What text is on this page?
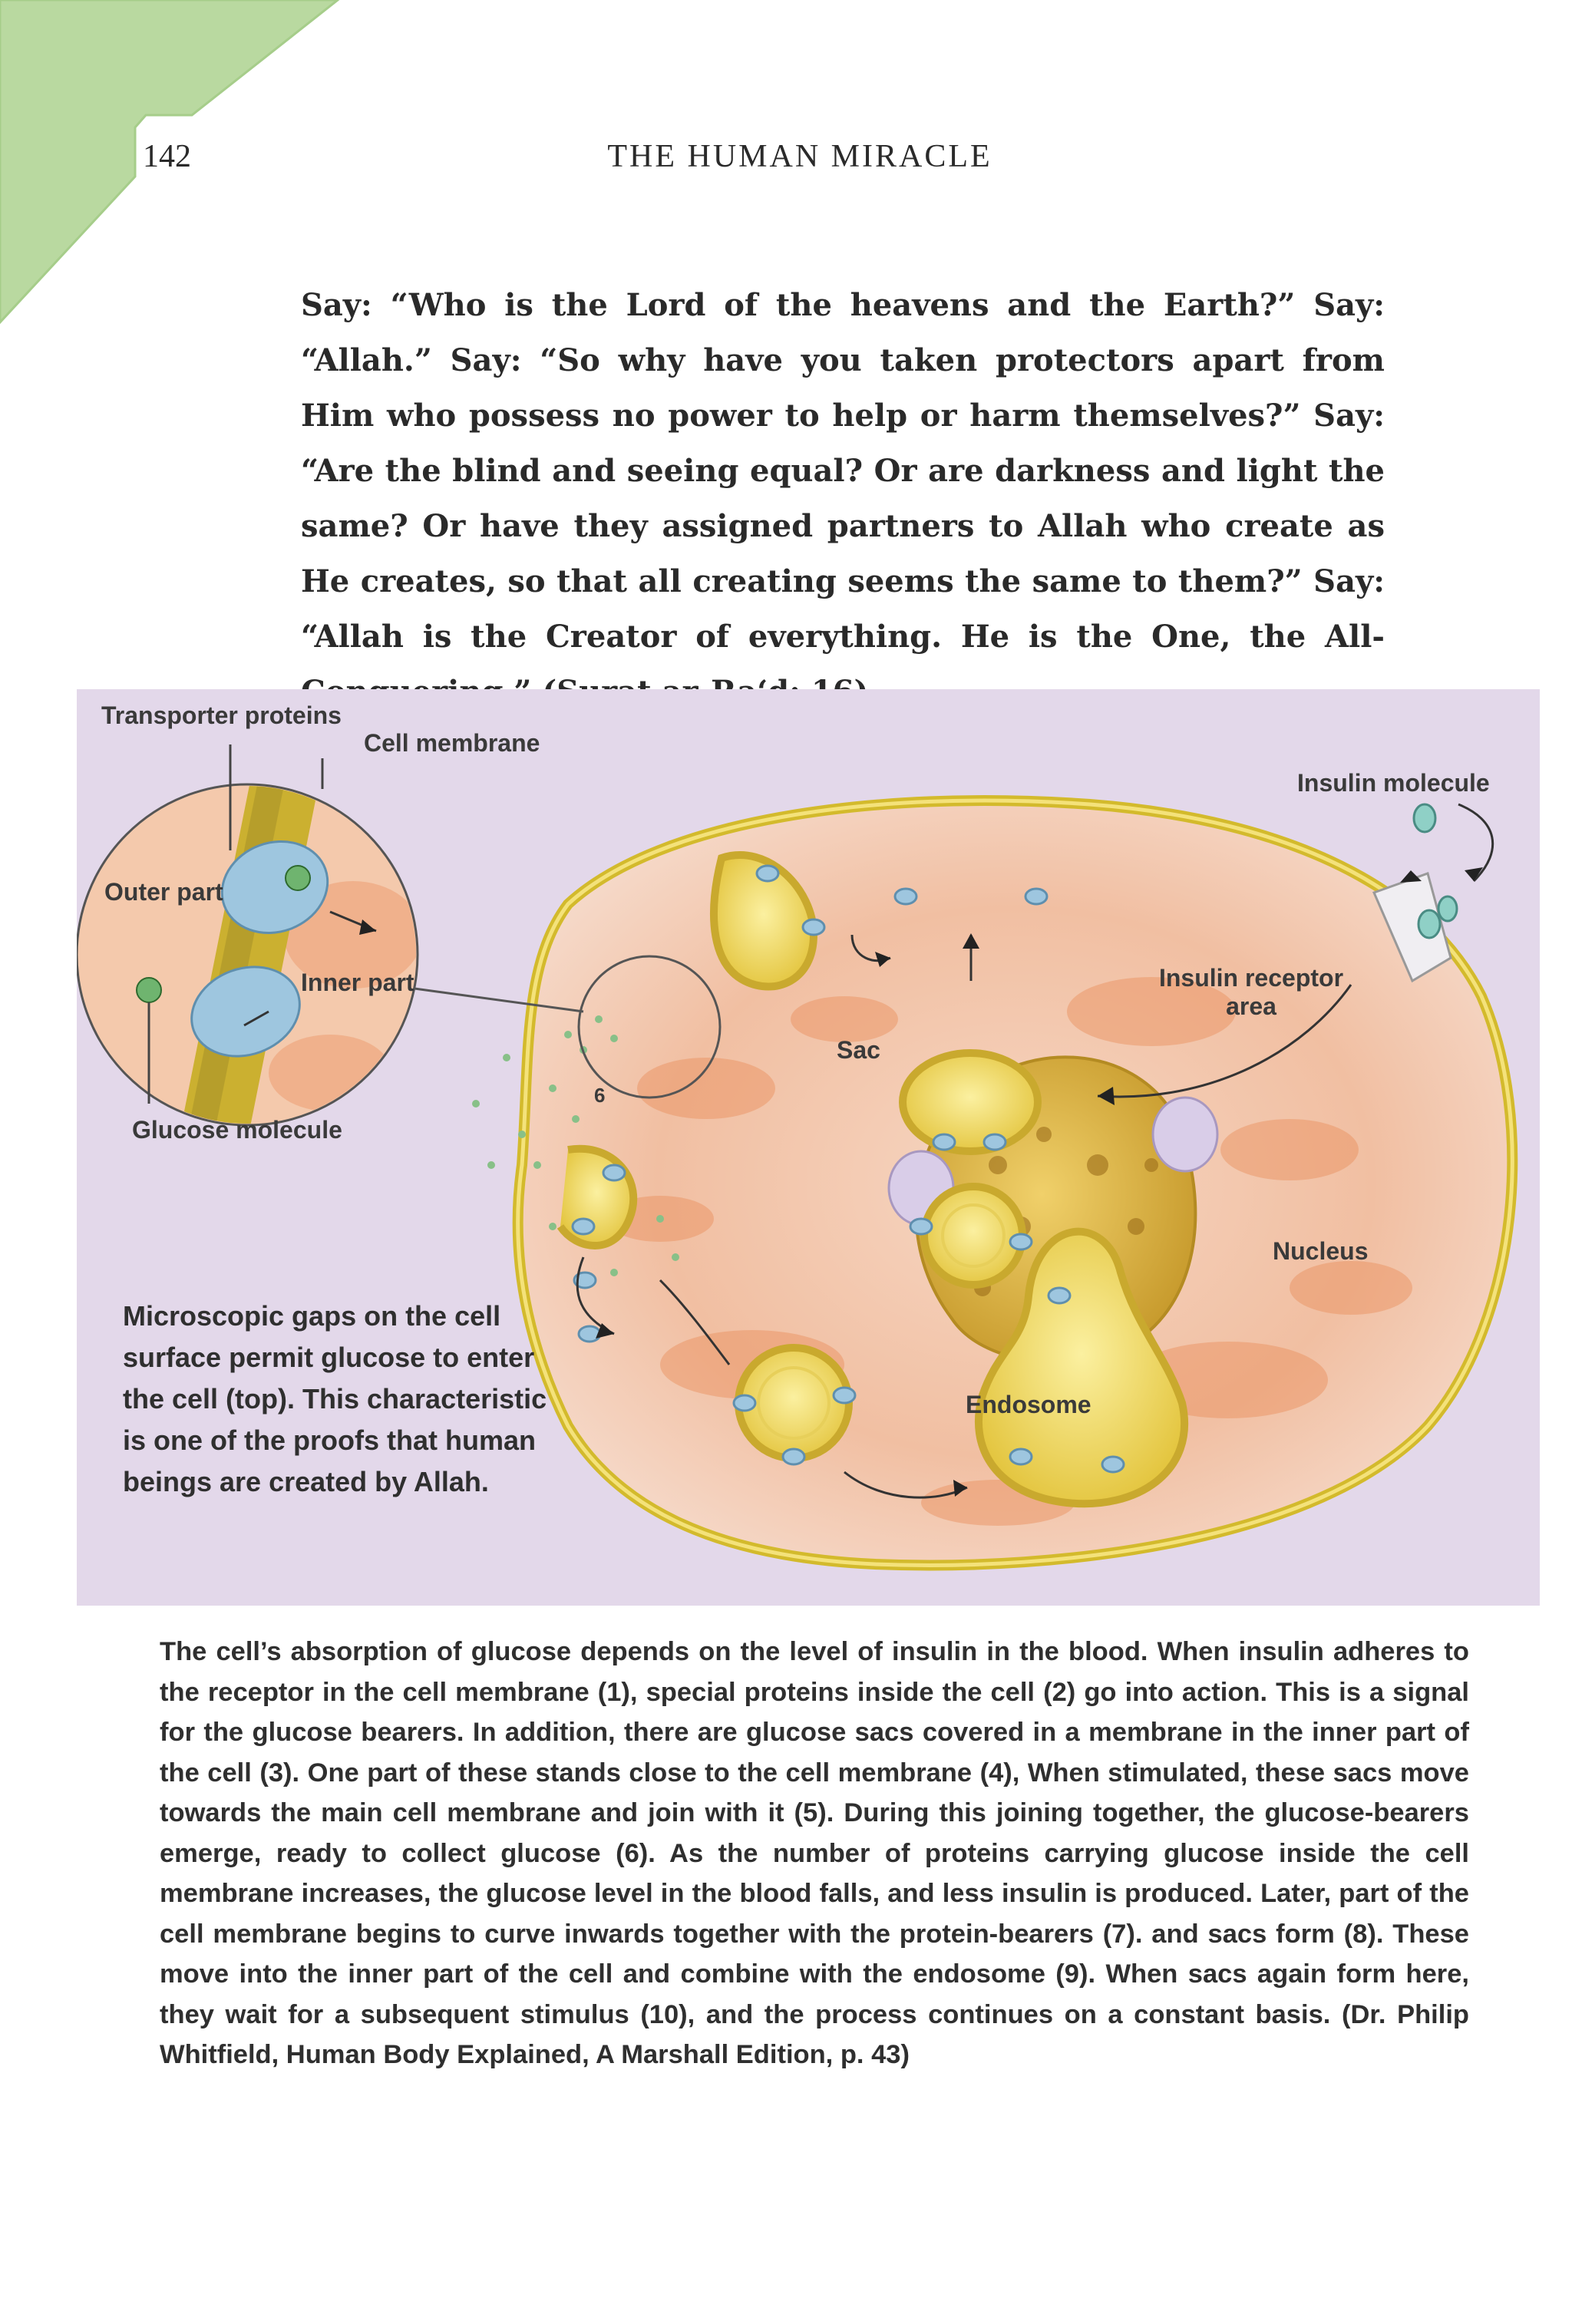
142	THE HUMAN MIRACLE
Say: “Who is the Lord of the heavens and the Earth?” Say: “Allah.” Say: “So why have you taken protectors apart from Him who possess no power to help or harm themselves?” Say: “Are the blind and seeing equal? Or are darkness and light the same? Or have they assigned partners to Allah who create as He creates, so that all creating seems the same to them?” Say: “Allah is the Creator of everything. He is the One, the All-
Transporter proteins
Cell membrane
Insulin molecule
Outer part
Inner part	Insulin receptor
area
Sac
6
Glucose molecule
Nucleus
Endosome
Microscopic gaps on the cell surface permit glucose to enter the cell (top). This characteristic is one of the proofs that human beings are created by Allah.
The cell’s absorption of glucose depends on the level of insulin in the blood. When insulin adheres to the receptor in the cell membrane (1), special proteins inside the cell (2) go into action. This is a signal for the glucose bearers. In addition, there are glucose sacs covered in a membrane in the inner part of the cell (3). One part of these stands close to the cell membrane (4), When stimulated, these sacs move towards the main cell membrane and join with it (5). During this joining together, the glucose-bearers emerge, ready to collect glucose (6). As the number of proteins carrying glucose inside the cell membrane increases, the glucose level in the blood falls, and less insulin is produced. Later, part of the cell membrane begins to curve inwards together with the protein-bearers (7). and sacs form (8). These move into the inner part of the cell and combine with the endosome (9). When sacs again form here, they wait for a subsequent stimulus (10), and the process continues on a constant basis. (Dr. Philip Whitfield, Human Body Explained, A Marshall Edition, p. 43)
